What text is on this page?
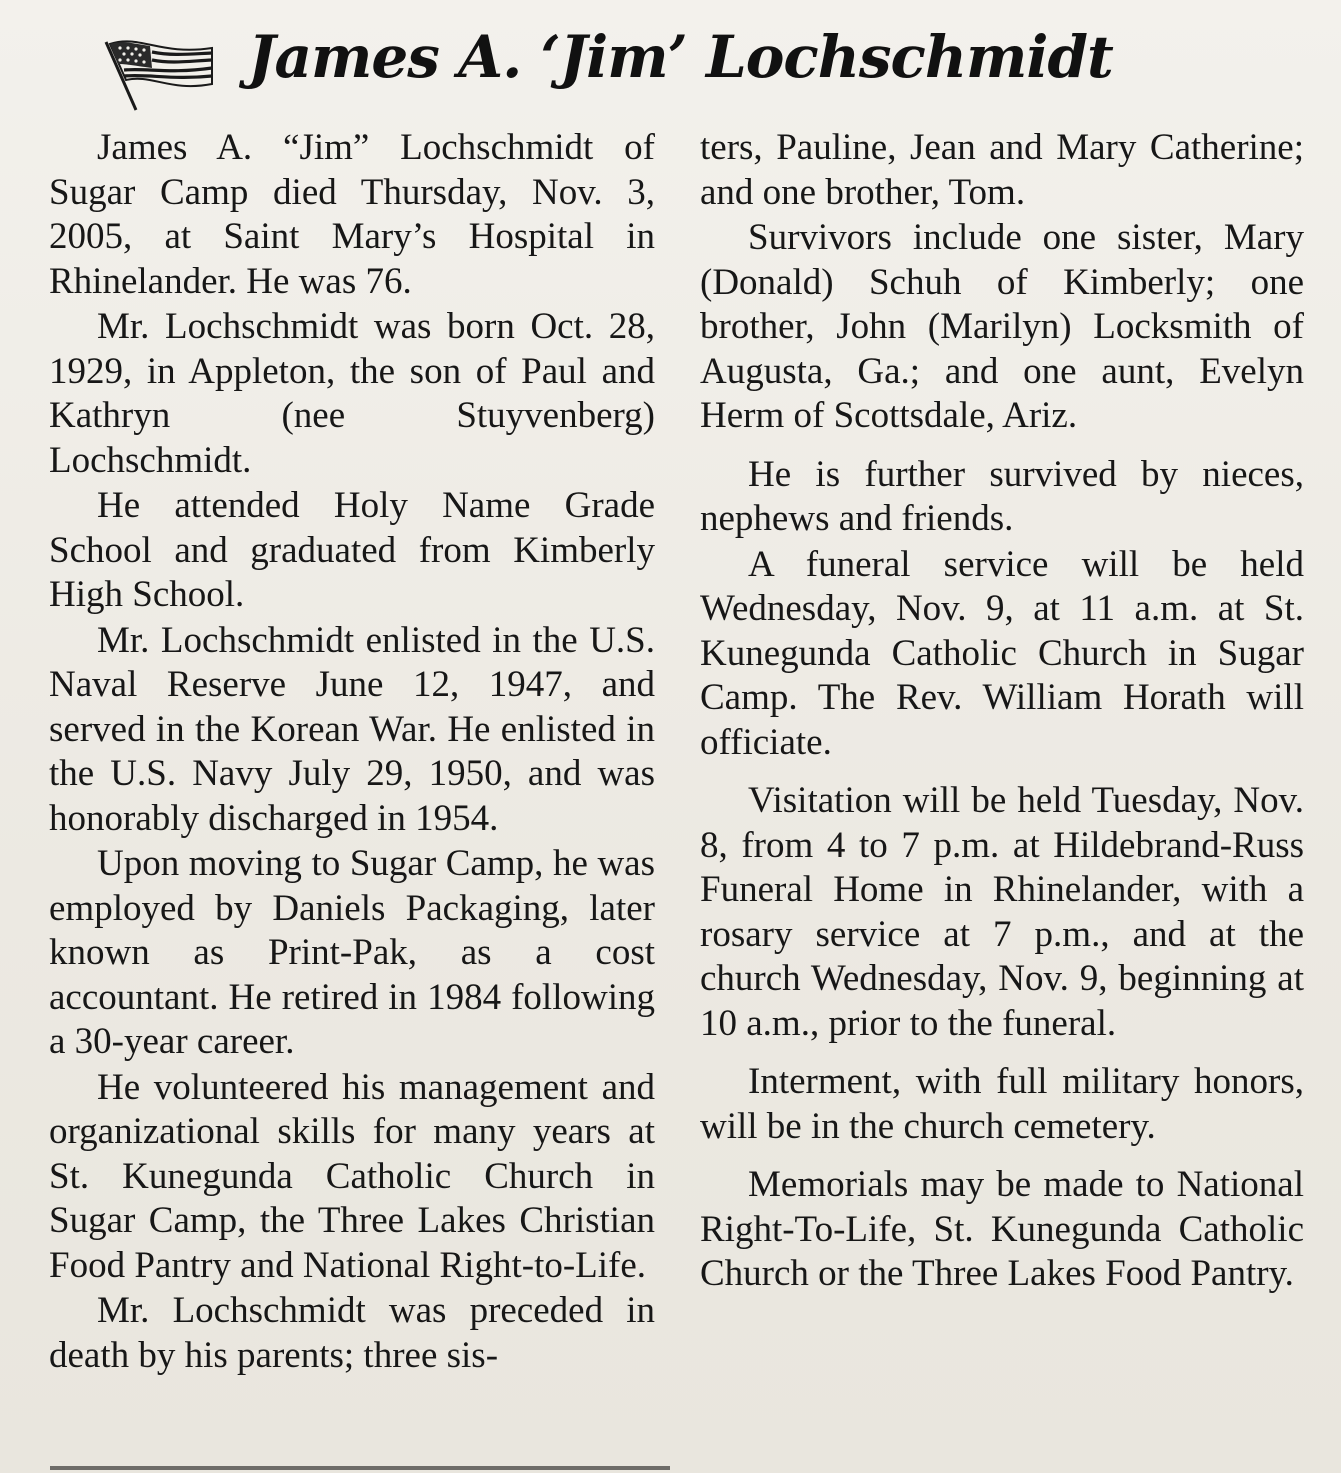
James A. ‘Jim’ Lochschmidt

James A. “Jim” Lochschmidt of Sugar Camp died Thursday, Nov. 3, 2005, at Saint Mary’s Hospital in Rhinelander. He was 76.

Mr. Lochschmidt was born Oct. 28, 1929, in Appleton, the son of Paul and Kathryn (nee Stuyvenberg) Lochschmidt.

He attended Holy Name Grade School and graduated from Kimberly High School.

Mr. Lochschmidt enlisted in the U.S. Naval Reserve June 12, 1947, and served in the Korean War. He enlisted in the U.S. Navy July 29, 1950, and was honorably discharged in 1954.

Upon moving to Sugar Camp, he was employed by Daniels Packaging, later known as Print-Pak, as a cost accountant. He retired in 1984 following a 30-year career.

He volunteered his management and organizational skills for many years at St. Kunegunda Catholic Church in Sugar Camp, the Three Lakes Christian Food Pantry and National Right-to-Life.

Mr. Lochschmidt was preceded in death by his parents; three sis-

ters, Pauline, Jean and Mary Catherine; and one brother, Tom.

Survivors include one sister, Mary (Donald) Schuh of Kimberly; one brother, John (Marilyn) Locksmith of Augusta, Ga.; and one aunt, Evelyn Herm of Scottsdale, Ariz.

He is further survived by nieces, nephews and friends.

A funeral service will be held Wednesday, Nov. 9, at 11 a.m. at St. Kunegunda Catholic Church in Sugar Camp. The Rev. William Horath will officiate.

Visitation will be held Tuesday, Nov. 8, from 4 to 7 p.m. at Hildebrand-Russ Funeral Home in Rhinelander, with a rosary service at 7 p.m., and at the church Wednesday, Nov. 9, beginning at 10 a.m., prior to the funeral.

Interment, with full military honors, will be in the church cemetery.

Memorials may be made to National Right-To-Life, St. Kunegunda Catholic Church or the Three Lakes Food Pantry.
